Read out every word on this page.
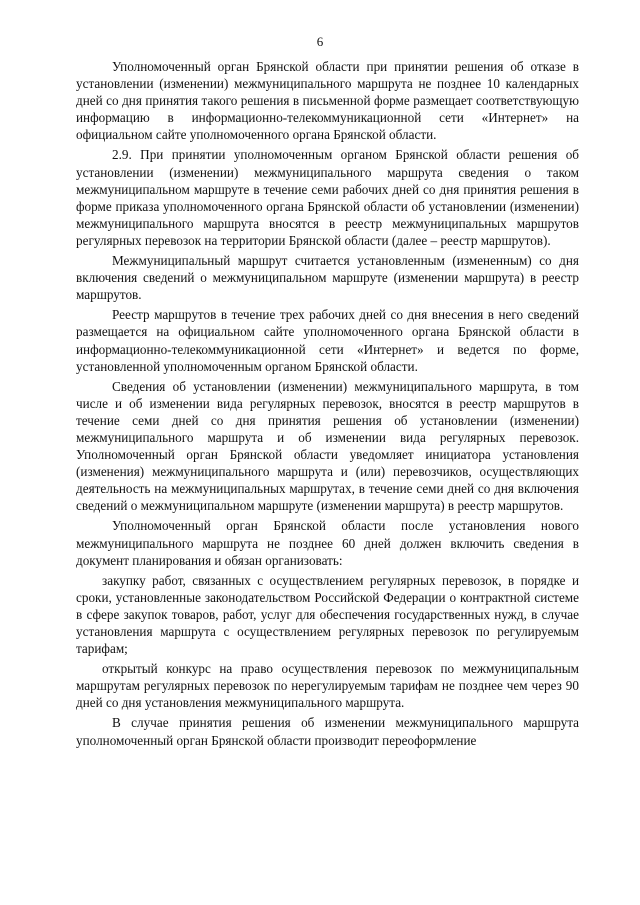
6

Уполномоченный орган Брянской области при принятии решения об отказе в установлении (изменении) межмуниципального маршрута не позднее 10 календарных дней со дня принятия такого решения в письменной форме размещает соответствующую информацию в информационно-телекоммуникационной сети «Интернет» на официальном сайте уполномоченного органа Брянской области.

2.9. При принятии уполномоченным органом Брянской области решения об установлении (изменении) межмуниципального маршрута сведения о таком межмуниципальном маршруте в течение семи рабочих дней со дня принятия решения в форме приказа уполномоченного органа Брянской области об установлении (изменении) межмуниципального маршрута вносятся в реестр межмуниципальных маршрутов регулярных перевозок на территории Брянской области (далее – реестр маршрутов).

Межмуниципальный маршрут считается установленным (измененным) со дня включения сведений о межмуниципальном маршруте (изменении маршрута) в реестр маршрутов.

Реестр маршрутов в течение трех рабочих дней со дня внесения в него сведений размещается на официальном сайте уполномоченного органа Брянской области в информационно-телекоммуникационной сети «Интернет» и ведется по форме, установленной уполномоченным органом Брянской области.

Сведения об установлении (изменении) межмуниципального маршрута, в том числе и об изменении вида регулярных перевозок, вносятся в реестр маршрутов в течение семи дней со дня принятия решения об установлении (изменении) межмуниципального маршрута и об изменении вида регулярных перевозок. Уполномоченный орган Брянской области уведомляет инициатора установления (изменения) межмуниципального маршрута и (или) перевозчиков, осуществляющих деятельность на межмуниципальных маршрутах, в течение семи дней со дня включения сведений о межмуниципальном маршруте (изменении маршрута) в реестр маршрутов.

Уполномоченный орган Брянской области после установления нового межмуниципального маршрута не позднее 60 дней должен включить сведения в документ планирования и обязан организовать:

закупку работ, связанных с осуществлением регулярных перевозок, в порядке и сроки, установленные законодательством Российской Федерации о контрактной системе в сфере закупок товаров, работ, услуг для обеспечения государственных нужд, в случае установления маршрута с осуществлением регулярных перевозок по регулируемым тарифам;

открытый конкурс на право осуществления перевозок по межмуниципальным маршрутам регулярных перевозок по нерегулируемым тарифам не позднее чем через 90 дней со дня установления межмуниципального маршрута.

В случае принятия решения об изменении межмуниципального маршрута уполномоченный орган Брянской области производит переоформление
